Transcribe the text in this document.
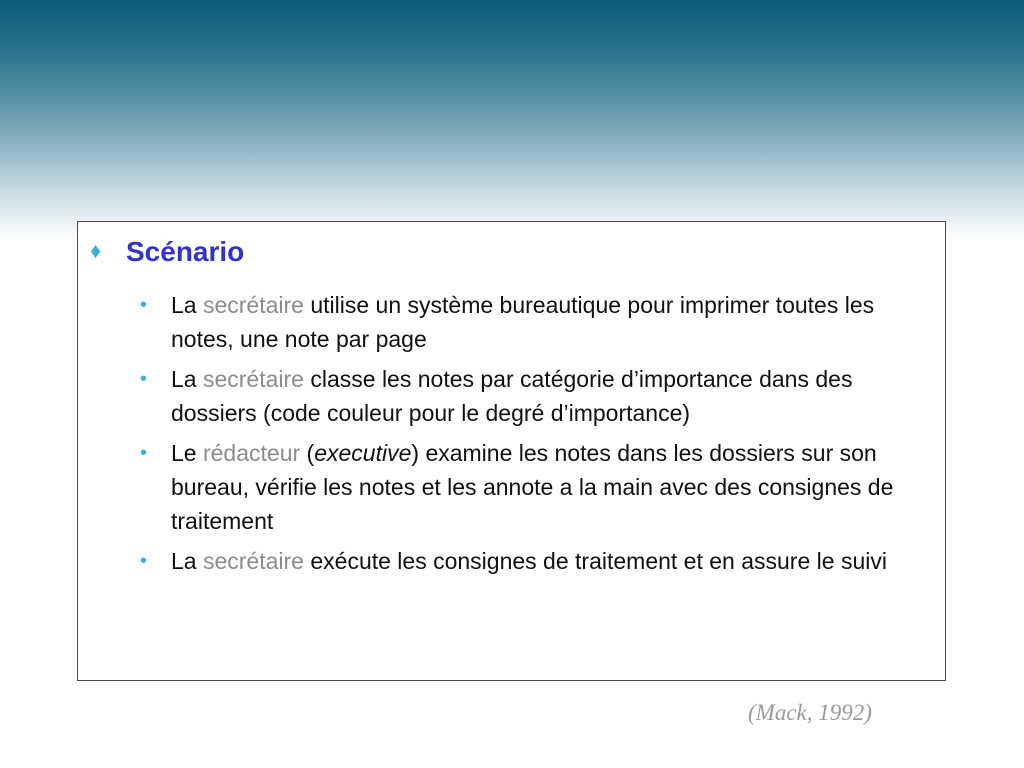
♦ Scénario
• La secrétaire utilise un système bureautique pour imprimer toutes les notes, une note par page
• La secrétaire classe les notes par catégorie d’importance dans des dossiers (code couleur pour le degré d’importance)
• Le rédacteur (executive) examine les notes dans les dossiers sur son bureau, vérifie les notes et les annote a la main avec des consignes de traitement
• La secrétaire exécute les consignes de traitement et en assure le suivi
(Mack, 1992)
